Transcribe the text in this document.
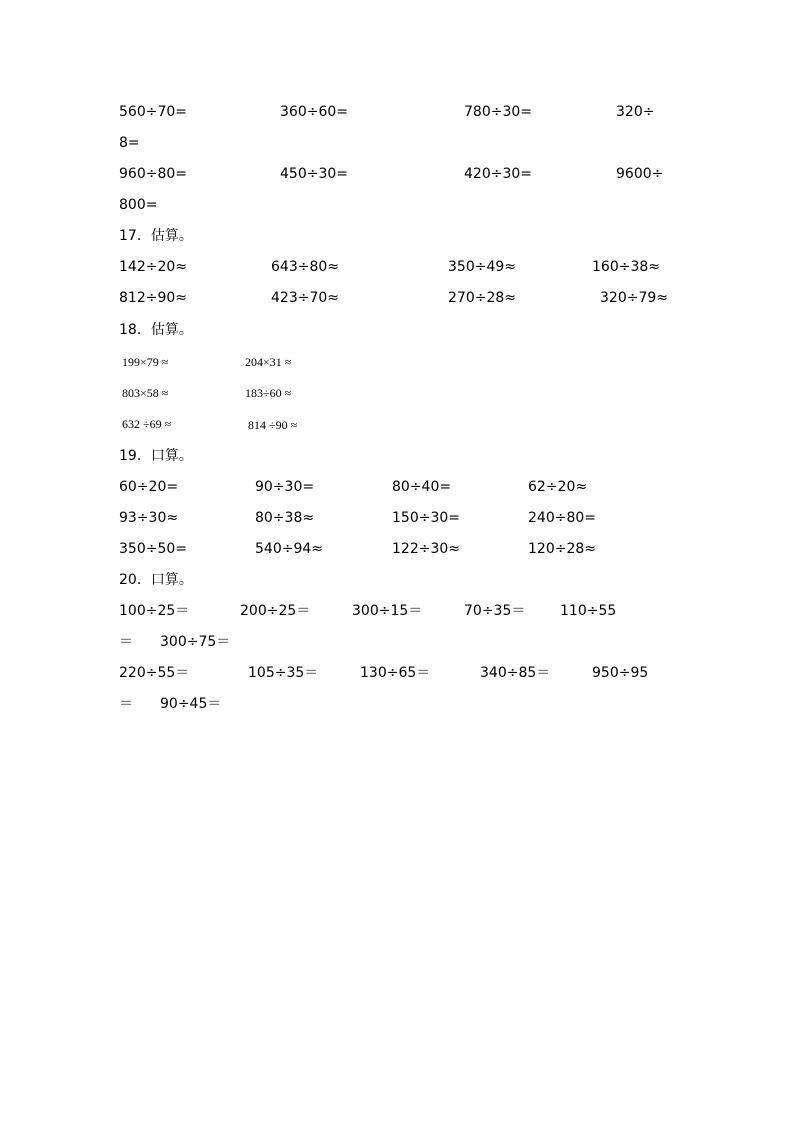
560÷70=	360÷60=	780÷30=	320÷
8=
960÷80=	450÷30=	420÷30=	9600÷
800=
17．估算。
142÷20≈	643÷80≈	350÷49≈	160÷38≈
812÷90≈	423÷70≈	270÷28≈	320÷79≈
18．估算。
199×79 ≈	204×31 ≈
803×58 ≈	183÷60 ≈
632 ÷69 ≈	814 ÷90 ≈
19．口算。
60÷20=	90÷30=	80÷40=	62÷20≈
93÷30≈	80÷38≈	150÷30=	240÷80=
350÷50=	540÷94≈	122÷30≈	120÷28≈
20．口算。
100÷25＝	200÷25＝	300÷15＝	70÷35＝ 110÷55
＝ 300÷75＝
220÷55＝	105÷35＝	130÷65＝	340÷85＝	950÷95
＝ 90÷45＝
